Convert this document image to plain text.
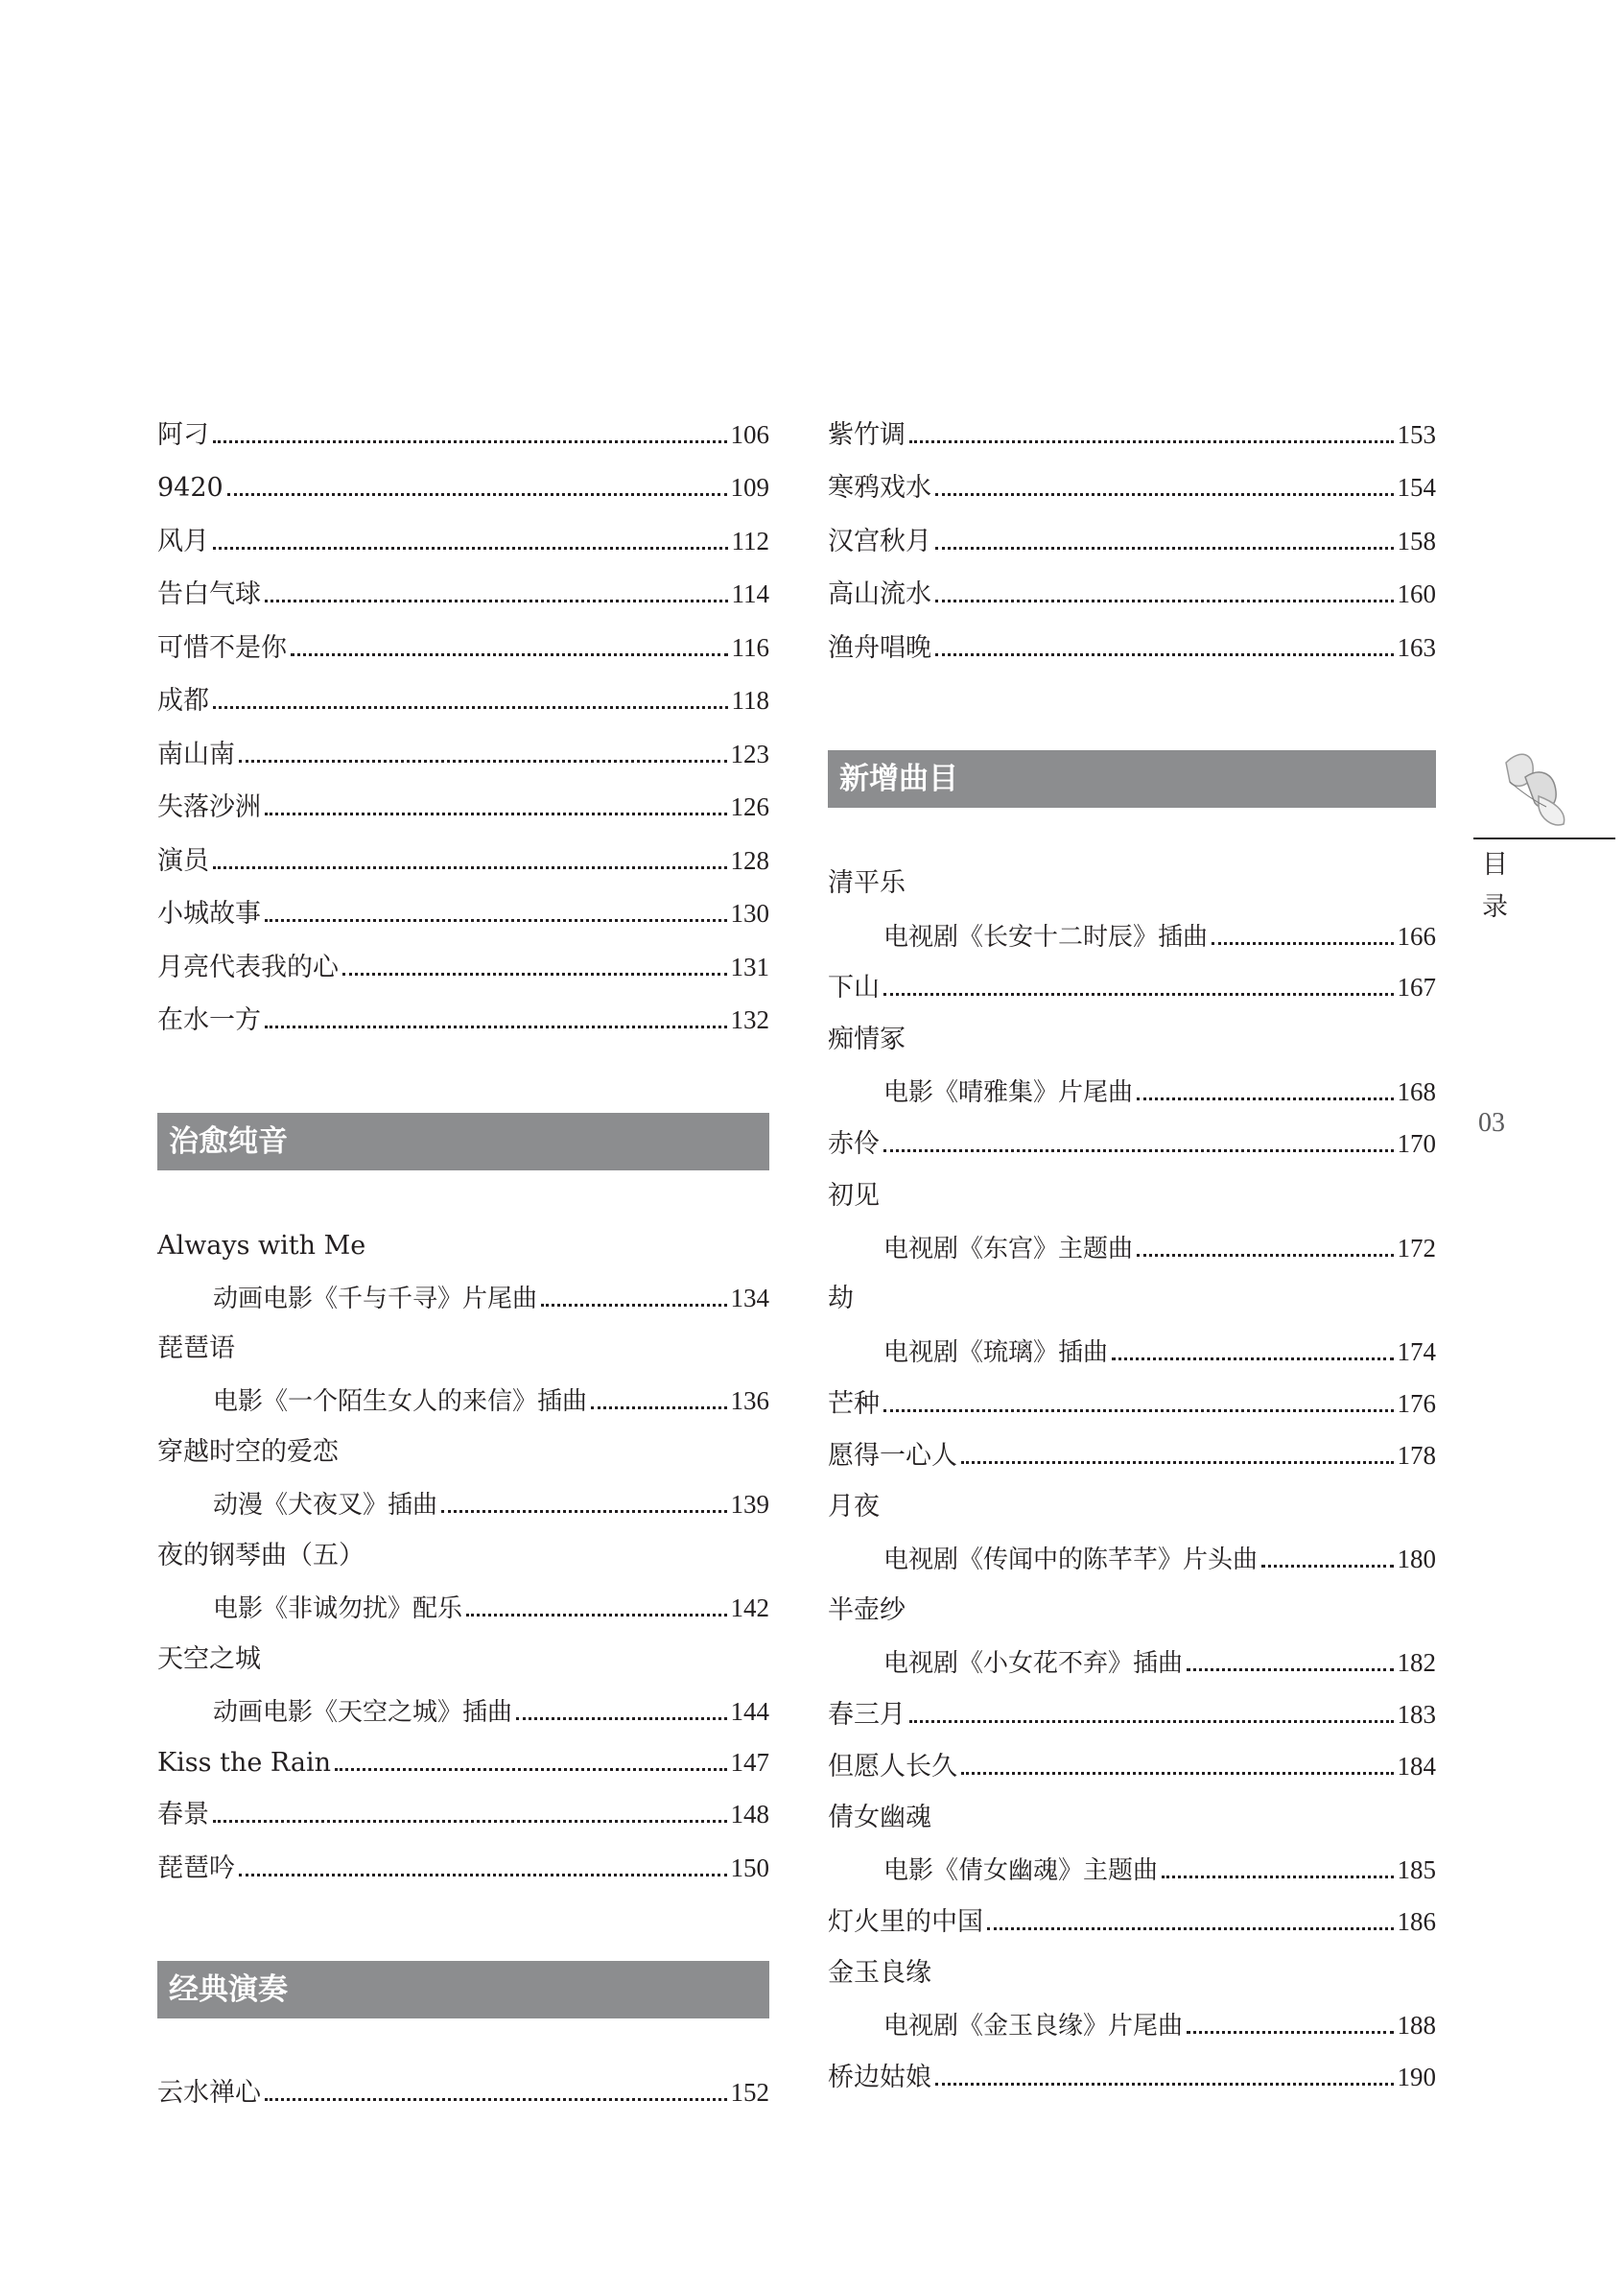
阿刁	106
9420	109
风月	112
告白气球	114
可惜不是你	116
成都	118
南山南	123
失落沙洲	126
演员	128
小城故事	130
月亮代表我的心	131
在水一方	132
治愈纯音
Always with Me
动画电影《千与千寻》片尾曲	134
琵琶语
电影《一个陌生女人的来信》插曲	136
穿越时空的爱恋
动漫《犬夜叉》插曲	139
夜的钢琴曲（五）
电影《非诚勿扰》配乐	142
天空之城
动画电影《天空之城》插曲	144
Kiss the Rain	147
春景	148
琵琶吟	150
经典演奏
云水禅心	152
紫竹调	153
寒鸦戏水	154
汉宫秋月	158
高山流水	160
渔舟唱晚	163
新增曲目
清平乐
电视剧《长安十二时辰》插曲	166
下山	167
痴情冢
电影《晴雅集》片尾曲	168
赤伶	170
初见
电视剧《东宫》主题曲	172
劫
电视剧《琉璃》插曲	174
芒种	176
愿得一心人	178
月夜
电视剧《传闻中的陈芊芊》片头曲	180
半壶纱
电视剧《小女花不弃》插曲	182
春三月	183
但愿人长久	184
倩女幽魂
电影《倩女幽魂》主题曲	185
灯火里的中国	186
金玉良缘
电视剧《金玉良缘》片尾曲	188
桥边姑娘	190
目
录
03
